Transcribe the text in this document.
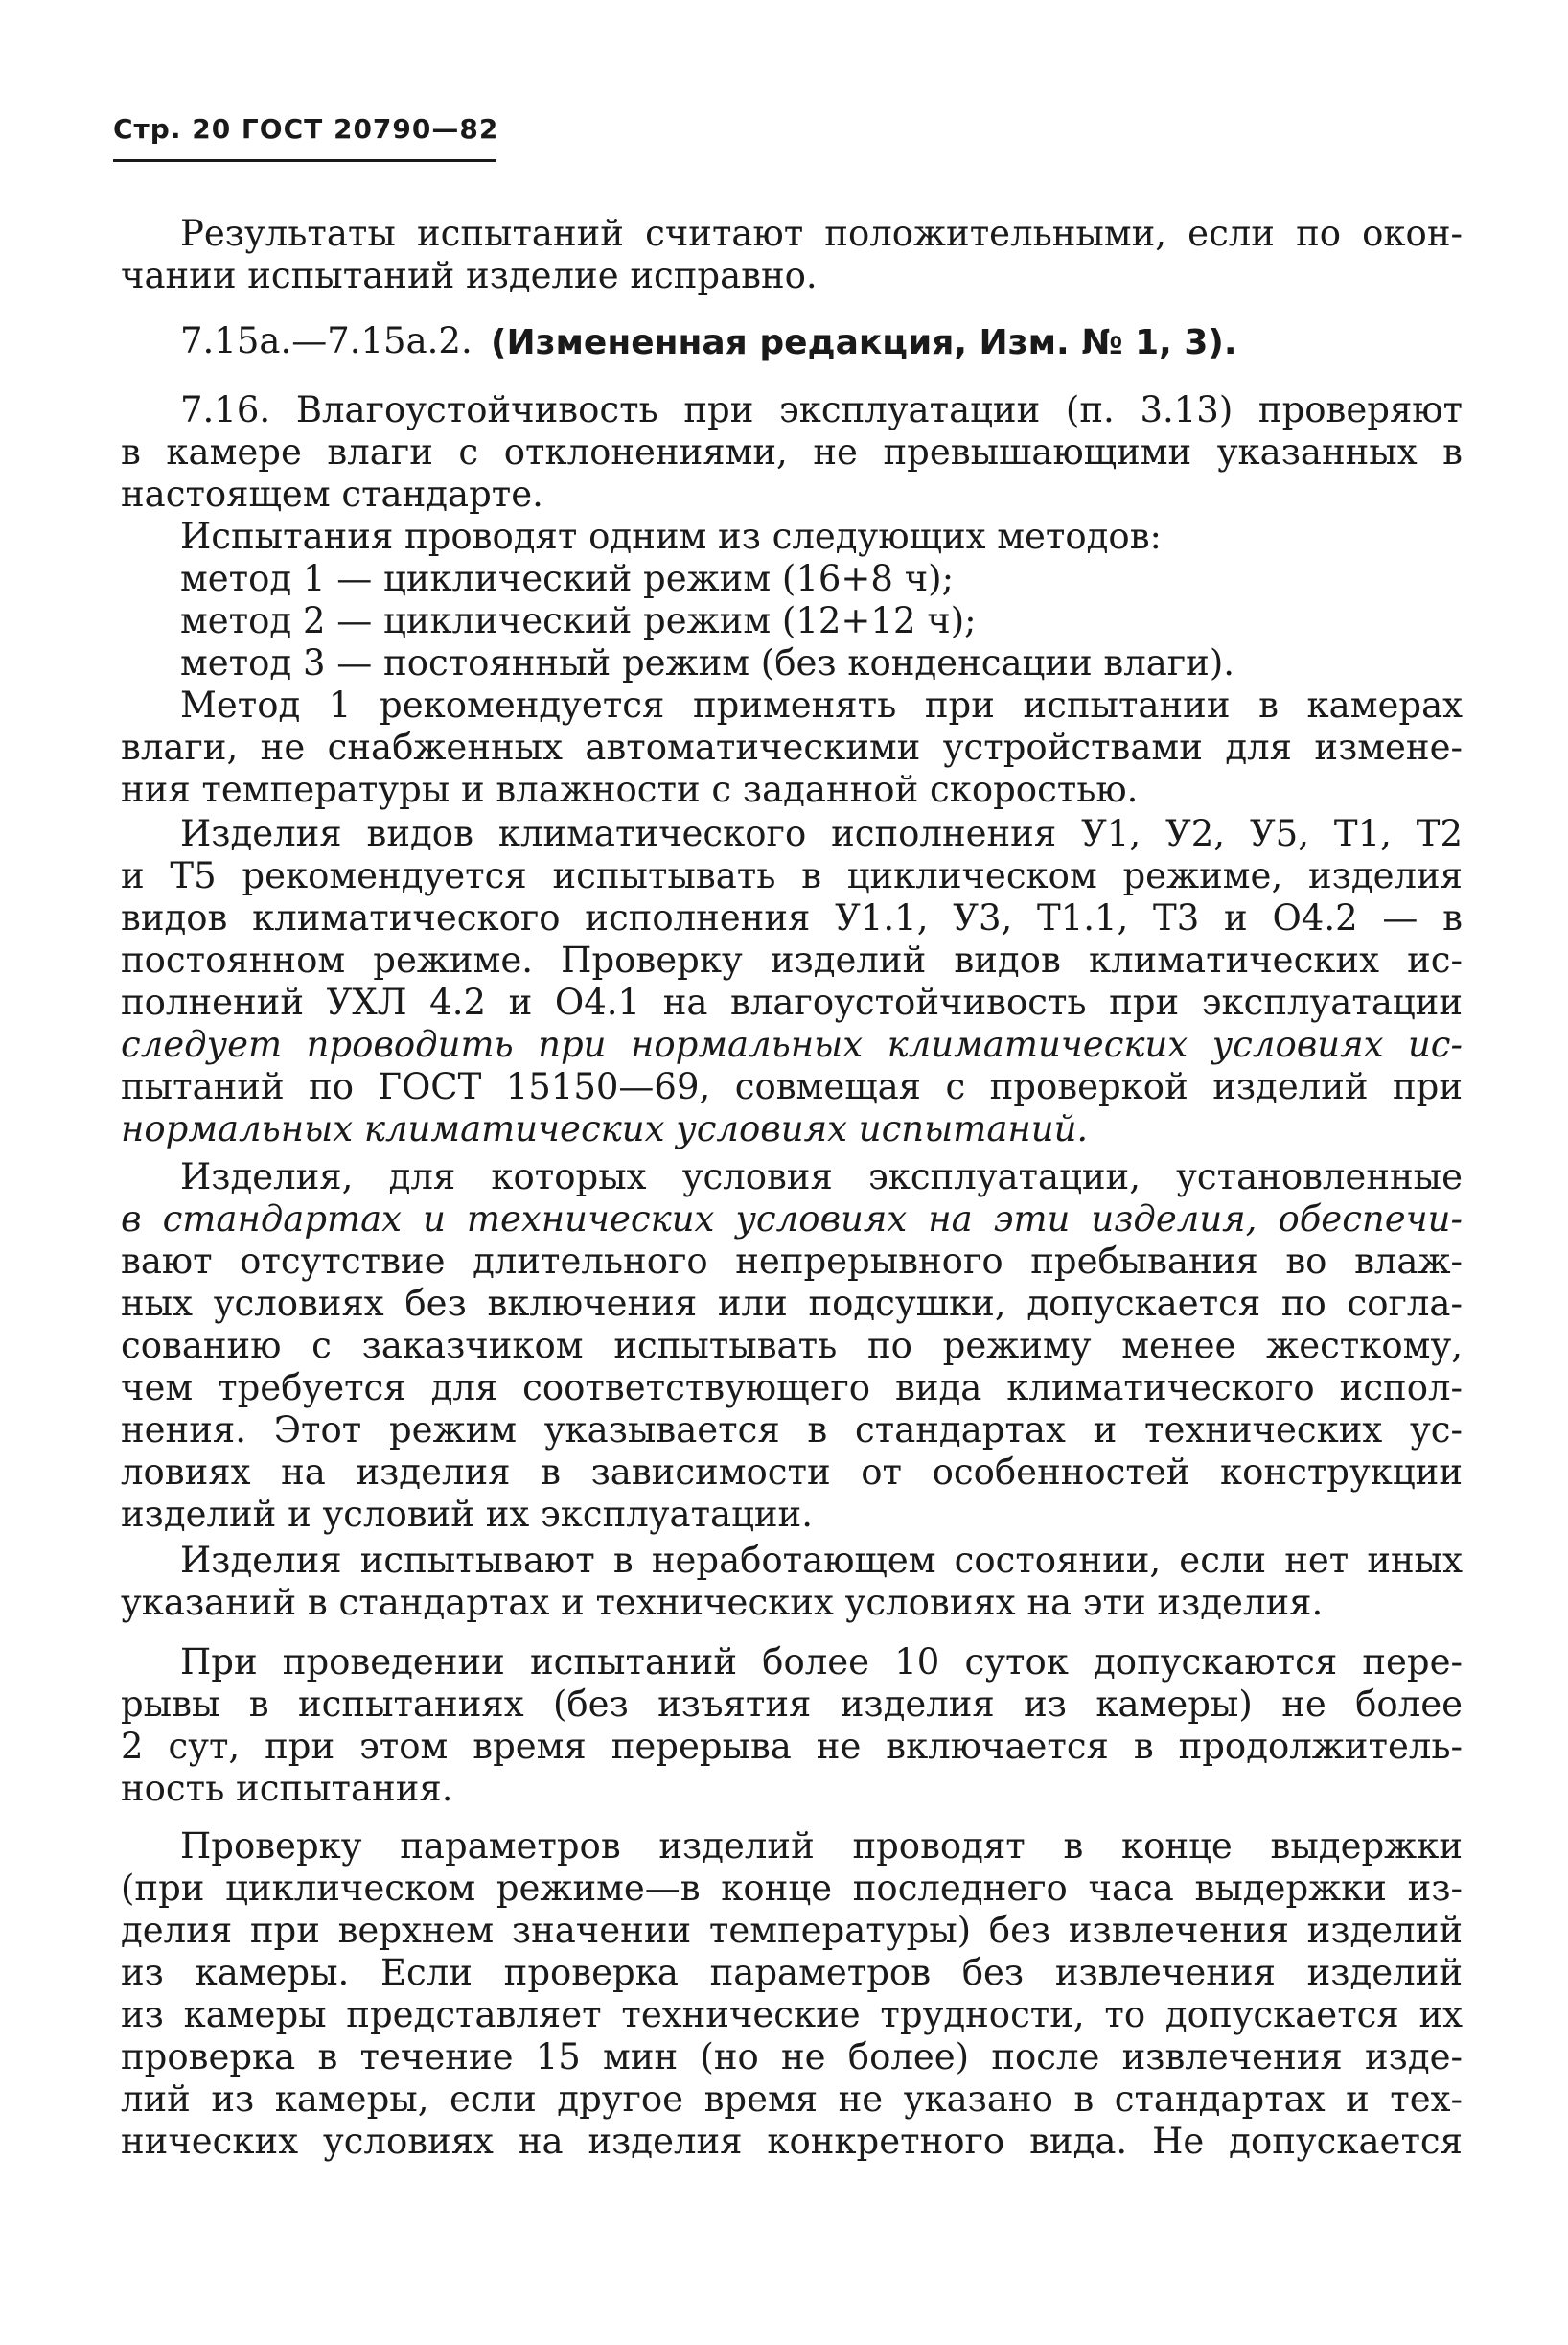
Стр. 20 ГОСТ 20790—82
Результаты испытаний считают положительными, если по окон-
чании испытаний изделие исправно.
7.15а.—7.15а.2. (Измененная редакция, Изм. № 1, 3).
7.16. Влагоустойчивость при эксплуатации (п. 3.13) проверяют
в камере влаги с отклонениями, не превышающими указанных в
настоящем стандарте.
Испытания проводят одним из следующих методов:
метод 1 — циклический режим (16+8 ч);
метод 2 — циклический режим (12+12 ч);
метод 3 — постоянный режим (без конденсации влаги).
Метод 1 рекомендуется применять при испытании в камерах
влаги, не снабженных автоматическими устройствами для измене-
ния температуры и влажности с заданной скоростью.
Изделия видов климатического исполнения У1, У2, У5, Т1, Т2
и Т5 рекомендуется испытывать в циклическом режиме, изделия
видов климатического исполнения У1.1, У3, Т1.1, Т3 и О4.2 — в
постоянном режиме. Проверку изделий видов климатических ис-
полнений УХЛ 4.2 и О4.1 на влагоустойчивость при эксплуатации
следует проводить при нормальных климатических условиях ис-
пытаний по ГОСТ 15150—69, совмещая с проверкой изделий при
нормальных климатических условиях испытаний.
Изделия, для которых условия эксплуатации, установленные
в стандартах и технических условиях на эти изделия, обеспечи-
вают отсутствие длительного непрерывного пребывания во влаж-
ных условиях без включения или подсушки, допускается по согла-
сованию с заказчиком испытывать по режиму менее жесткому,
чем требуется для соответствующего вида климатического испол-
нения. Этот режим указывается в стандартах и технических ус-
ловиях на изделия в зависимости от особенностей конструкции
изделий и условий их эксплуатации.
Изделия испытывают в неработающем состоянии, если нет иных
указаний в стандартах и технических условиях на эти изделия.
При проведении испытаний более 10 суток допускаются пере-
рывы в испытаниях (без изъятия изделия из камеры) не более
2 сут, при этом время перерыва не включается в продолжитель-
ность испытания.
Проверку параметров изделий проводят в конце выдержки
(при циклическом режиме—в конце последнего часа выдержки из-
делия при верхнем значении температуры) без извлечения изделий
из камеры. Если проверка параметров без извлечения изделий
из камеры представляет технические трудности, то допускается их
проверка в течение 15 мин (но не более) после извлечения изде-
лий из камеры, если другое время не указано в стандартах и тех-
нических условиях на изделия конкретного вида. Не допускается
